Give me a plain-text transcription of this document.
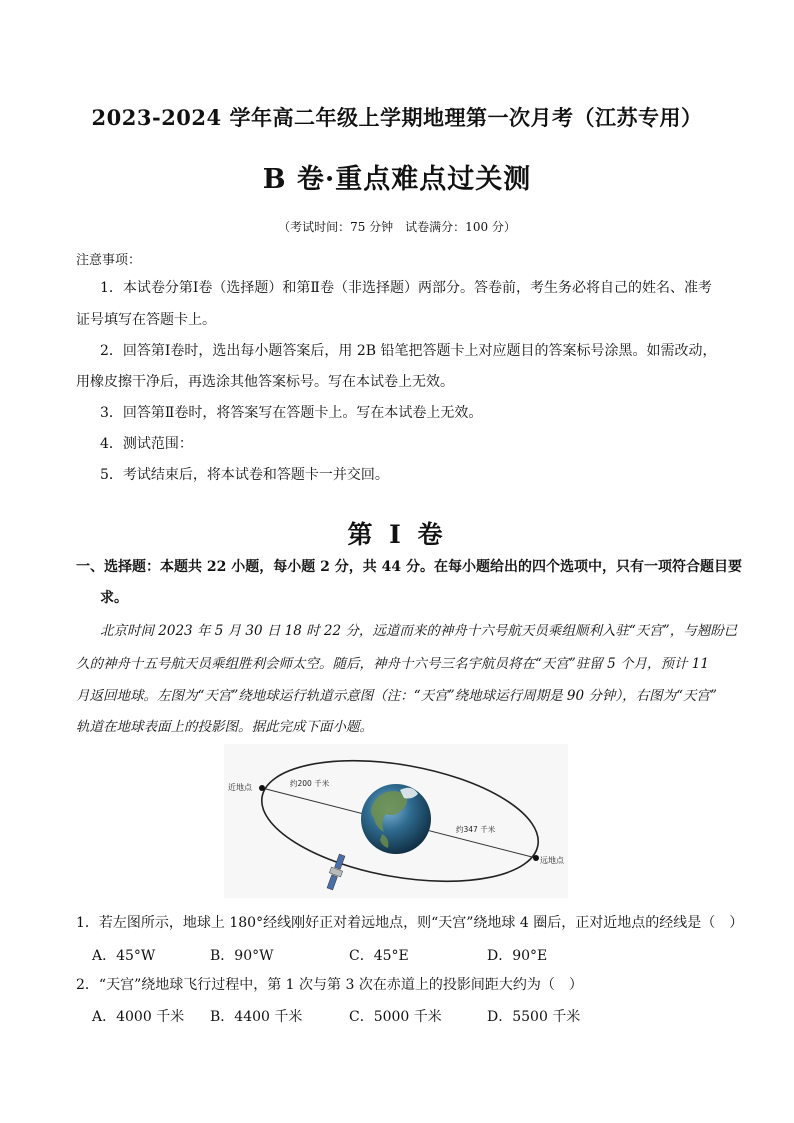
2023-2024 学年高二年级上学期地理第一次月考（江苏专用）
B 卷·重点难点过关测
（考试时间：75 分钟　试卷满分：100 分）
注意事项：
1．本试卷分第Ⅰ卷（选择题）和第Ⅱ卷（非选择题）两部分。答卷前，考生务必将自己的姓名、准考
证号填写在答题卡上。
2．回答第Ⅰ卷时，选出每小题答案后，用 2B 铅笔把答题卡上对应题目的答案标号涂黑。如需改动，
用橡皮擦干净后，再选涂其他答案标号。写在本试卷上无效。
3．回答第Ⅱ卷时，将答案写在答题卡上。写在本试卷上无效。
4．测试范围：
5．考试结束后，将本试卷和答题卡一并交回。
第 I 卷
一、选择题：本题共 22 小题，每小题 2 分，共 44 分。在每小题给出的四个选项中，只有一项符合题目要
求。
北京时间 2023 年 5 月 30 日 18 时 22 分，远道而来的神舟十六号航天员乘组顺利入驻“天宫”，与翘盼已
久的神舟十五号航天员乘组胜利会师太空。随后，神舟十六号三名宇航员将在“天宫”驻留 5 个月，预计 11
月返回地球。左图为“天宫”绕地球运行轨道示意图（注：“天宫”绕地球运行周期是 90 分钟），右图为“天宫”
轨道在地球表面上的投影图。据此完成下面小题。
近地点
远地点
约200 千米
约347 千米
1．若左图所示，地球上 180°经线刚好正对着远地点，则“天宫”绕地球 4 圈后，正对近地点的经线是（　）
A．45°W	B．90°W	C．45°E	D．90°E
2．“天宫”绕地球飞行过程中，第 1 次与第 3 次在赤道上的投影间距大约为（　）
A．4000 千米 B．4400 千米	C．5000 千米	D．5500 千米
